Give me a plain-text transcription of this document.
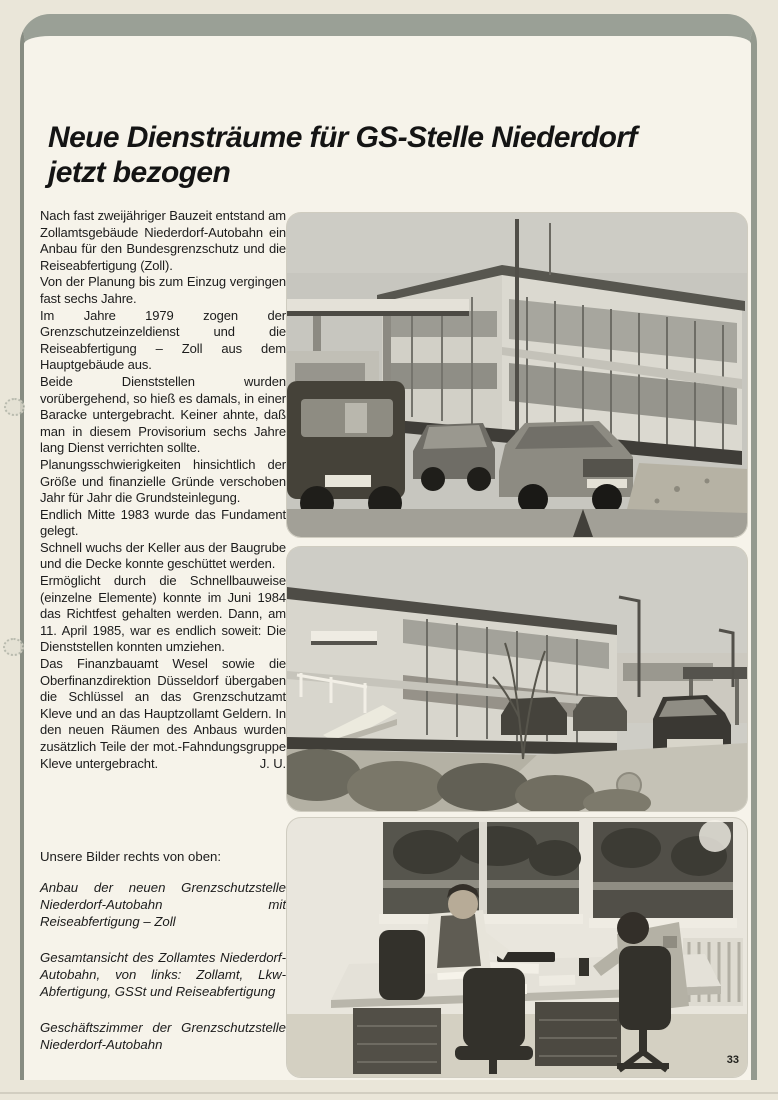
Neue Diensträume für GS-Stelle Niederdorf
jetzt bezogen

Nach fast zweijähriger Bauzeit entstand am Zollamtsgebäude Niederdorf-Autobahn ein Anbau für den Bundesgrenzschutz und die Reiseabfertigung (Zoll).

Von der Planung bis zum Einzug vergingen fast sechs Jahre.

Im Jahre 1979 zogen der Grenzschutzeinzeldienst und die Reiseabfertigung – Zoll aus dem Hauptgebäude aus.

Beide Dienststellen wurden vorübergehend, so hieß es damals, in einer Baracke untergebracht. Keiner ahnte, daß man in diesem Provisorium sechs Jahre lang Dienst verrichten sollte.

Planungsschwierigkeiten hinsichtlich der Größe und finanzielle Gründe verschoben Jahr für Jahr die Grundsteinlegung.

Endlich Mitte 1983 wurde das Fundament gelegt.

Schnell wuchs der Keller aus der Baugrube und die Decke konnte geschüttet werden.

Ermöglicht durch die Schnellbauweise (einzelne Elemente) konnte im Juni 1984 das Richtfest gehalten werden. Dann, am 11. April 1985, war es endlich soweit: Die Dienststellen konnten umziehen.

Das Finanzbauamt Wesel sowie die Oberfinanzdirektion Düsseldorf übergaben die Schlüssel an das Grenzschutzamt Kleve und an das Hauptzollamt Geldern. In den neuen Räumen des Anbaus wurden zusätzlich Teile der mot.-Fahndungsgruppe Kleve untergebracht.	J. U.

Unsere Bilder rechts von oben:

Anbau der neuen Grenzschutzstelle Niederdorf-Autobahn mit Reiseabfertigung – Zoll

Gesamtansicht des Zollamtes Niederdorf-Autobahn, von links: Zollamt, Lkw-Abfertigung, GSSt und Reiseabfertigung

Geschäftszimmer der Grenzschutzstelle Niederdorf-Autobahn

33
